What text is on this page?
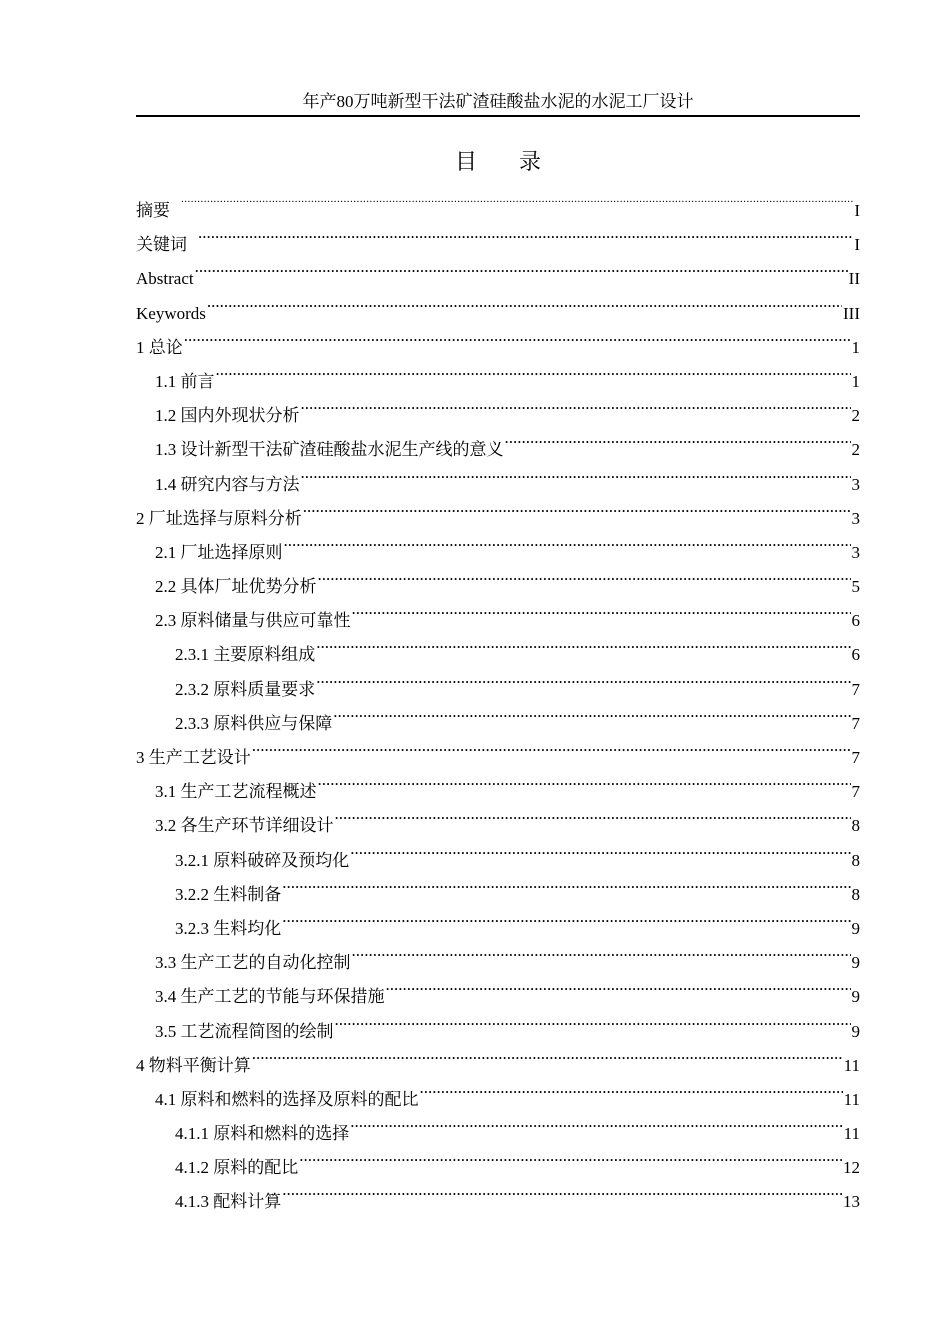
年产80万吨新型干法矿渣硅酸盐水泥的水泥工厂设计
目 录
摘要 .....	I
关键词 .....	I
Abstract .....	II
Keywords .....	III
1 总论 .....	1
1.1 前言 .....	1
1.2 国内外现状分析 .....	2
1.3 设计新型干法矿渣硅酸盐水泥生产线的意义 .....	2
1.4 研究内容与方法 .....	3
2 厂址选择与原料分析 .....	3
2.1 厂址选择原则 .....	3
2.2 具体厂址优势分析 .....	5
2.3 原料储量与供应可靠性 .....	6
2.3.1 主要原料组成 .....	6
2.3.2 原料质量要求 .....	7
2.3.3 原料供应与保障 .....	7
3 生产工艺设计 .....	7
3.1 生产工艺流程概述 .....	7
3.2 各生产环节详细设计 .....	8
3.2.1 原料破碎及预均化 .....	8
3.2.2 生料制备 .....	8
3.2.3 生料均化 .....	9
3.3 生产工艺的自动化控制 .....	9
3.4 生产工艺的节能与环保措施 .....	9
3.5 工艺流程简图的绘制 .....	9
4 物料平衡计算 .....	11
4.1 原料和燃料的选择及原料的配比 .....	11
4.1.1 原料和燃料的选择 .....	11
4.1.2 原料的配比 .....	12
4.1.3 配料计算 .....	13
